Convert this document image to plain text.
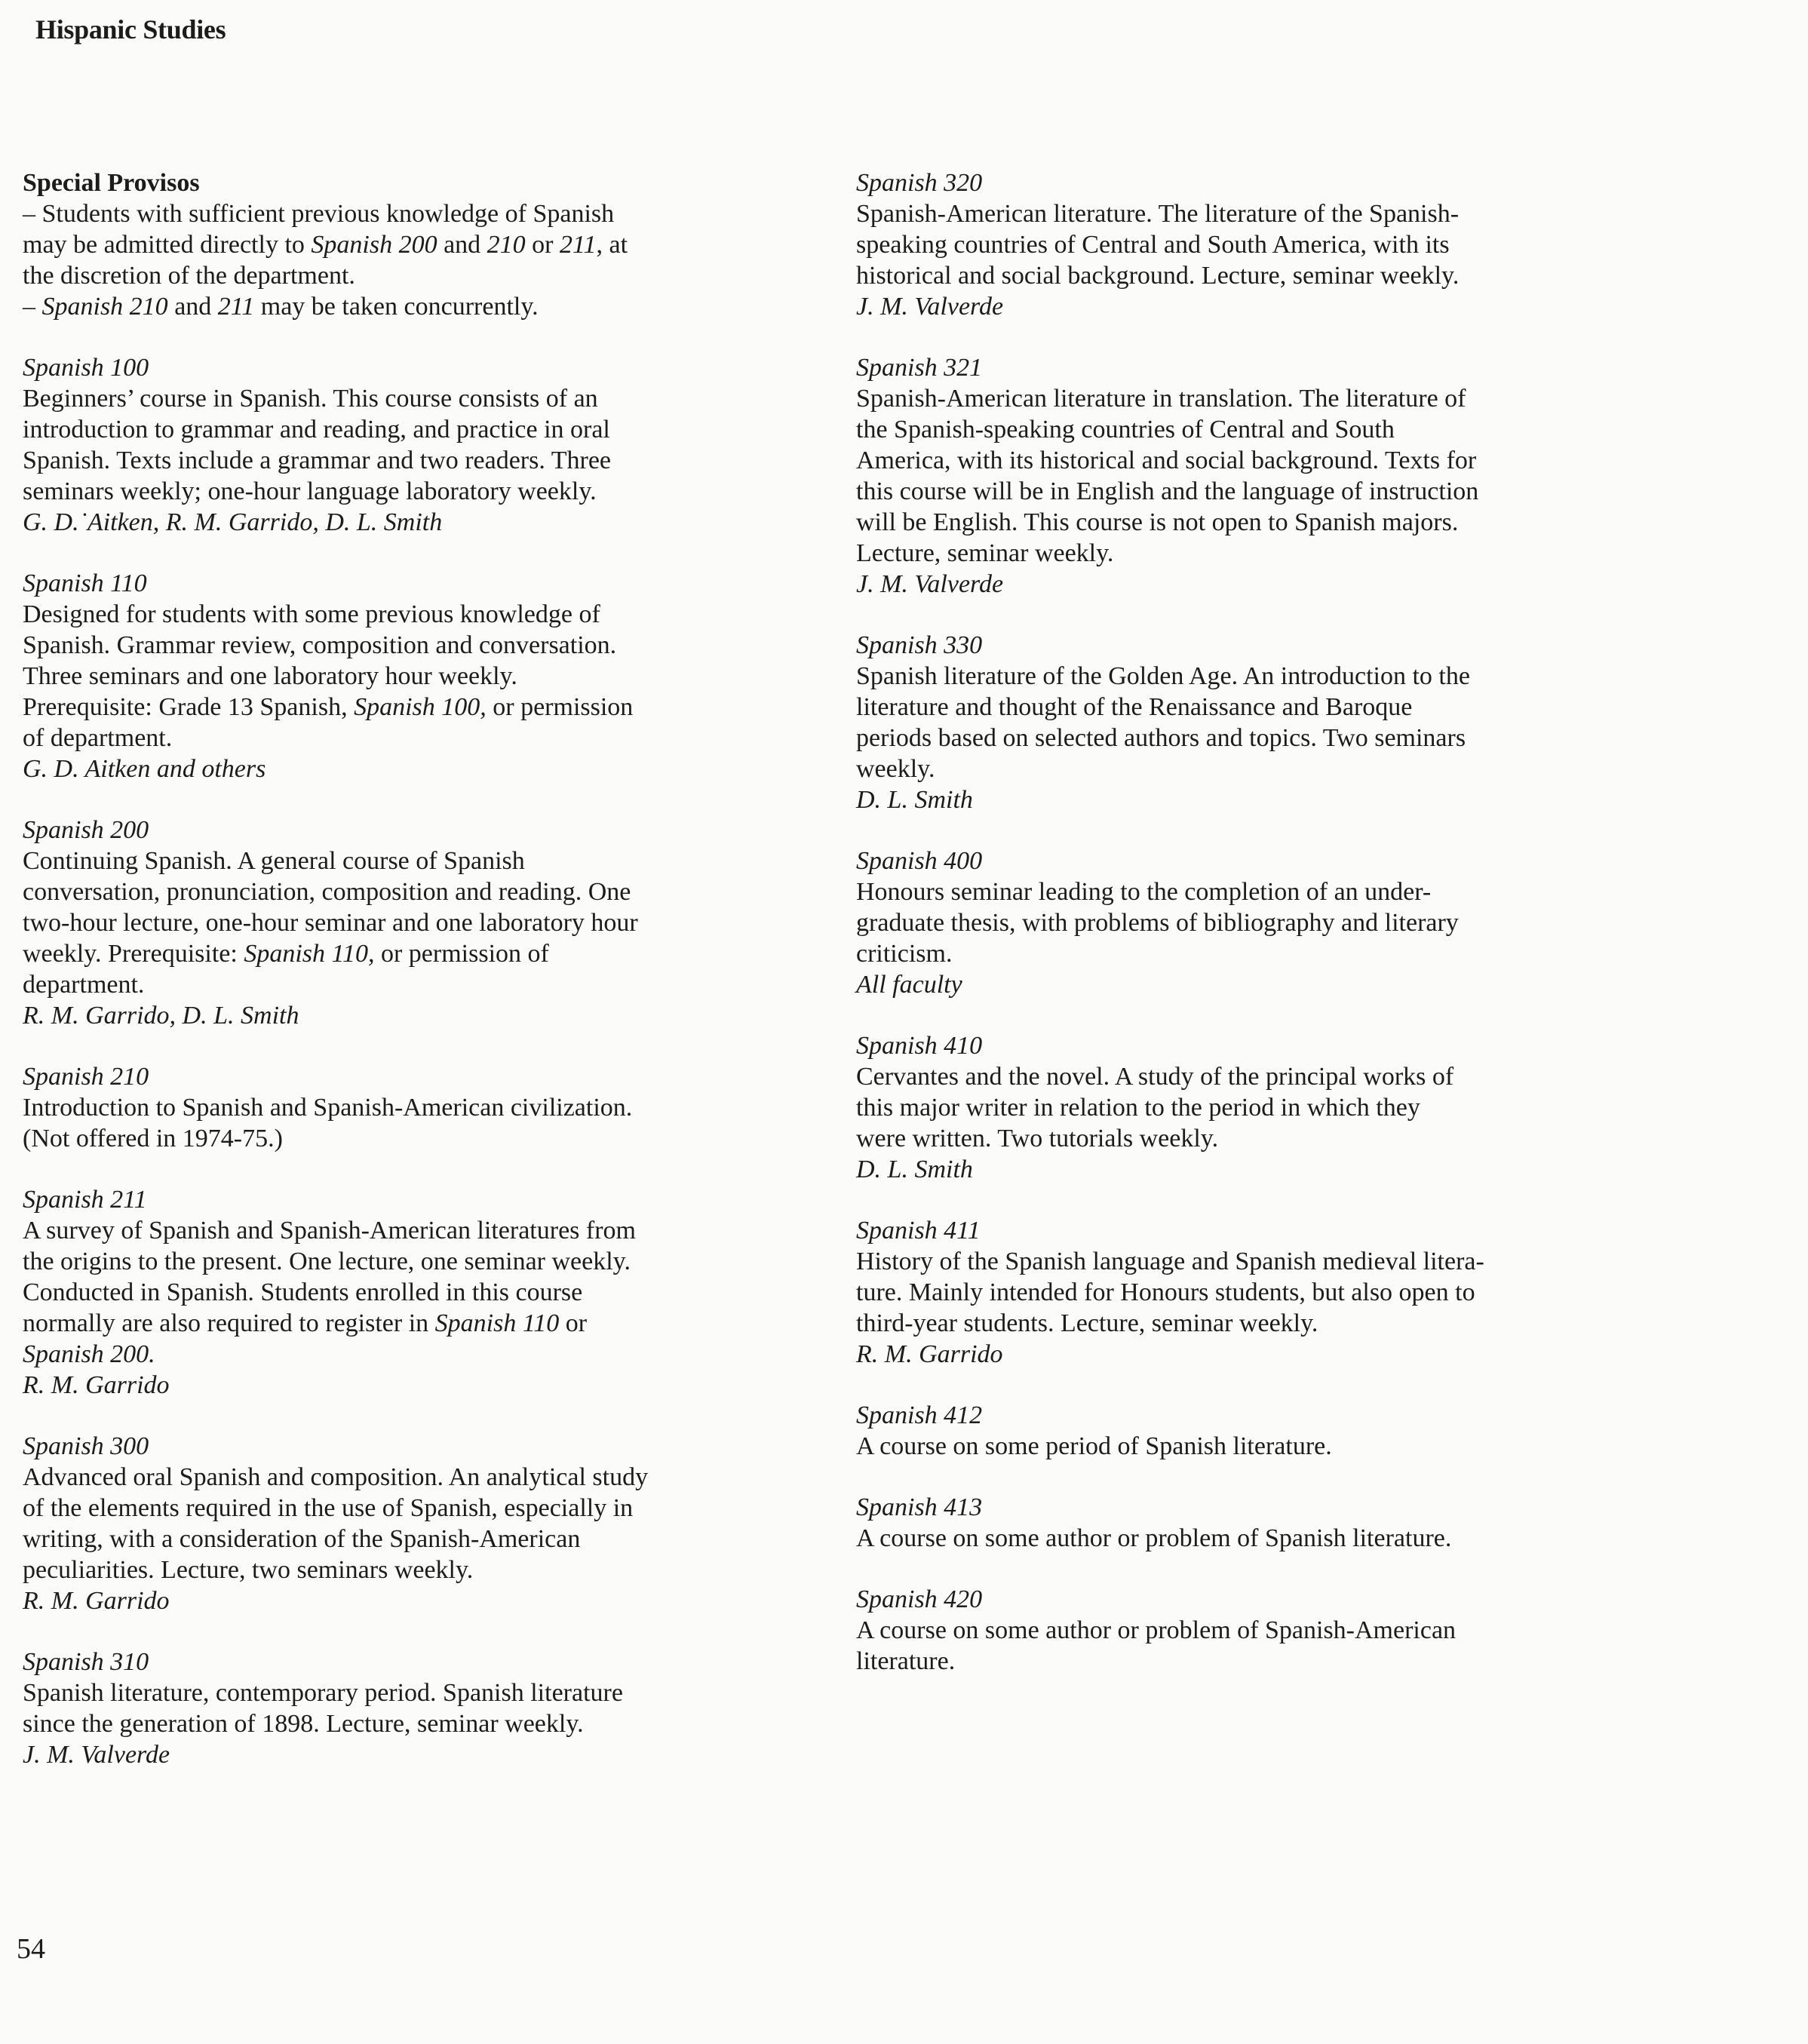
Hispanic Studies
Special Provisos
– Students with sufficient previous knowledge of Spanish
may be admitted directly to Spanish 200 and 210 or 211, at
the discretion of the department.
– Spanish 210 and 211 may be taken concurrently.
Spanish 100
Beginners’ course in Spanish. This course consists of an
introduction to grammar and reading, and practice in oral
Spanish. Texts include a grammar and two readers. Three
seminars weekly; one-hour language laboratory weekly.
G. D.˙Aitken, R. M. Garrido, D. L. Smith
Spanish 110
Designed for students with some previous knowledge of
Spanish. Grammar review, composition and conversation.
Three seminars and one laboratory hour weekly.
Prerequisite: Grade 13 Spanish, Spanish 100, or permission
of department.
G. D. Aitken and others
Spanish 200
Continuing Spanish. A general course of Spanish
conversation, pronunciation, composition and reading. One
two-hour lecture, one-hour seminar and one laboratory hour
weekly. Prerequisite: Spanish 110, or permission of
department.
R. M. Garrido, D. L. Smith
Spanish 210
Introduction to Spanish and Spanish-American civilization.
(Not offered in 1974-75.)
Spanish 211
A survey of Spanish and Spanish-American literatures from
the origins to the present. One lecture, one seminar weekly.
Conducted in Spanish. Students enrolled in this course
normally are also required to register in Spanish 110 or
Spanish 200.
R. M. Garrido
Spanish 300
Advanced oral Spanish and composition. An analytical study
of the elements required in the use of Spanish, especially in
writing, with a consideration of the Spanish-American
peculiarities. Lecture, two seminars weekly.
R. M. Garrido
Spanish 310
Spanish literature, contemporary period. Spanish literature
since the generation of 1898. Lecture, seminar weekly.
J. M. Valverde
Spanish 320
Spanish-American literature. The literature of the Spanish-
speaking countries of Central and South America, with its
historical and social background. Lecture, seminar weekly.
J. M. Valverde
Spanish 321
Spanish-American literature in translation. The literature of
the Spanish-speaking countries of Central and South
America, with its historical and social background. Texts for
this course will be in English and the language of instruction
will be English. This course is not open to Spanish majors.
Lecture, seminar weekly.
J. M. Valverde
Spanish 330
Spanish literature of the Golden Age. An introduction to the
literature and thought of the Renaissance and Baroque
periods based on selected authors and topics. Two seminars
weekly.
D. L. Smith
Spanish 400
Honours seminar leading to the completion of an under-
graduate thesis, with problems of bibliography and literary
criticism.
All faculty
Spanish 410
Cervantes and the novel. A study of the principal works of
this major writer in relation to the period in which they
were written. Two tutorials weekly.
D. L. Smith
Spanish 411
History of the Spanish language and Spanish medieval litera-
ture. Mainly intended for Honours students, but also open to
third-year students. Lecture, seminar weekly.
R. M. Garrido
Spanish 412
A course on some period of Spanish literature.
Spanish 413
A course on some author or problem of Spanish literature.
Spanish 420
A course on some author or problem of Spanish-American
literature.
54
